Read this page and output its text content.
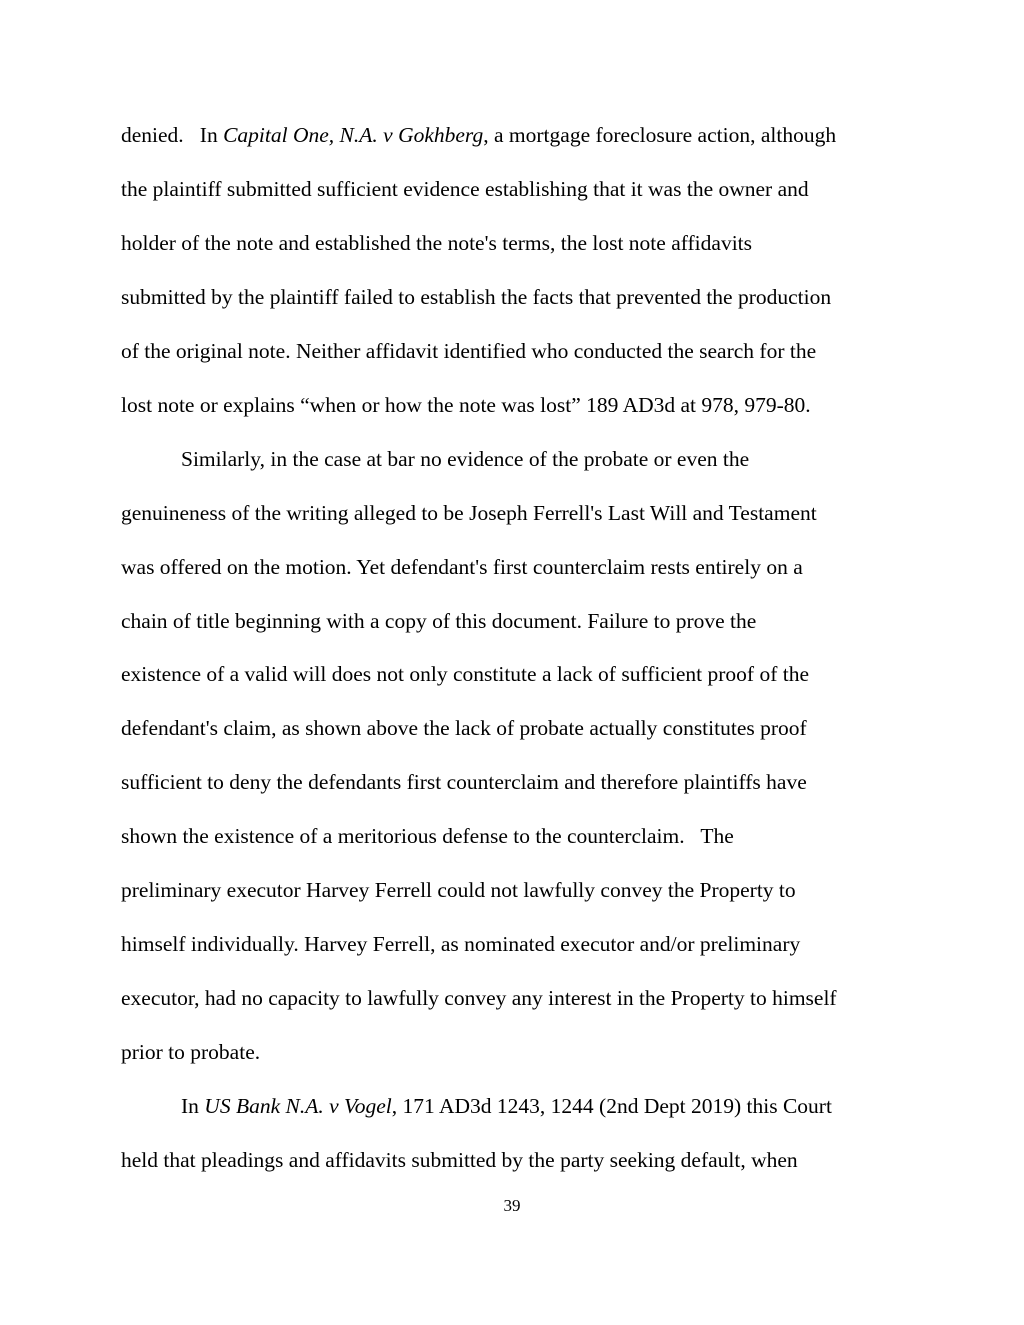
denied.   In Capital One, N.A. v Gokhberg, a mortgage foreclosure action, although
the plaintiff submitted sufficient evidence establishing that it was the owner and
holder of the note and established the note's terms, the lost note affidavits
submitted by the plaintiff failed to establish the facts that prevented the production
of the original note. Neither affidavit identified who conducted the search for the
lost note or explains “when or how the note was lost” 189 AD3d at 978, 979-80.
Similarly, in the case at bar no evidence of the probate or even the
genuineness of the writing alleged to be Joseph Ferrell's Last Will and Testament
was offered on the motion. Yet defendant's first counterclaim rests entirely on a
chain of title beginning with a copy of this document. Failure to prove the
existence of a valid will does not only constitute a lack of sufficient proof of the
defendant's claim, as shown above the lack of probate actually constitutes proof
sufficient to deny the defendants first counterclaim and therefore plaintiffs have
shown the existence of a meritorious defense to the counterclaim.   The
preliminary executor Harvey Ferrell could not lawfully convey the Property to
himself individually. Harvey Ferrell, as nominated executor and/or preliminary
executor, had no capacity to lawfully convey any interest in the Property to himself
prior to probate.
In US Bank N.A. v Vogel, 171 AD3d 1243, 1244 (2nd Dept 2019) this Court
held that pleadings and affidavits submitted by the party seeking default, when
39
